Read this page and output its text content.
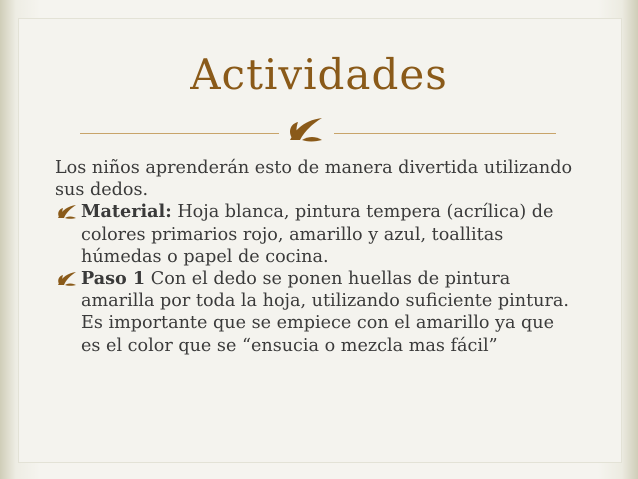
Actividades

Los niños aprenderán esto de manera divertida utilizando sus dedos.

Material: Hoja blanca, pintura tempera (acrílica) de colores primarios rojo, amarillo y azul, toallitas húmedas o papel de cocina.

Paso 1 Con el dedo se ponen huellas de pintura amarilla por toda la hoja, utilizando suficiente pintura. Es importante que se empiece con el amarillo ya que es el color que se “ensucia o mezcla mas fácil”
